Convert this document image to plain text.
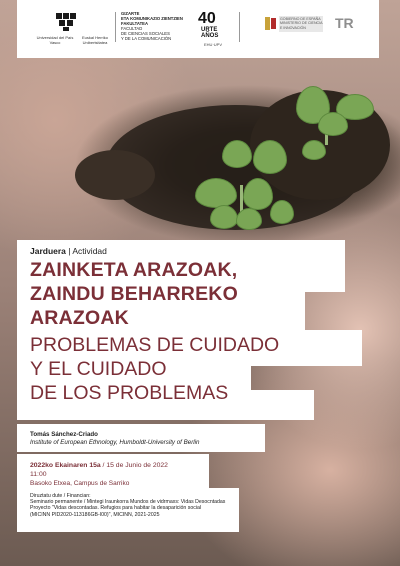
Universidad del País Vasco
Euskal Herriko Unibertsitatea
GIZARTE
ETA KOMUNIKAZIO ZIENTZIEN
FAKULTATEA
FACULTAD
DE CIENCIAS SOCIALES
Y DE LA COMUNICACIÓN
40
URTE
AÑOS
EHU·UPV
GOBIERNO DE ESPAÑA
MINISTERIO DE CIENCIA
E INNOVACIÓN	TR
Jarduera | Actividad
ZAINKETA ARAZOAK,
ZAINDU BEHARREKO
ARAZOAK
PROBLEMAS DE CUIDADO
Y EL CUIDADO
DE LOS PROBLEMAS
Tomás Sánchez-Criado
Institute of European Ethnology, Humboldt-University of Berlin
2022ko Ekainaren 15a / 15 de Junio de 2022
11:00
Basoko Etxea, Campus de Sarriko
Diruztatu dute / Financian:
Seminario permanente / Mintegi Iraunkorra Mundos de vidrmaxs: Vidas Desocntadas
Proyecto "Vidas descontadas. Refugios para habitar la desaparición social
(MICINN PID2020-113186GB-I00)", MICINN, 2021-2025
